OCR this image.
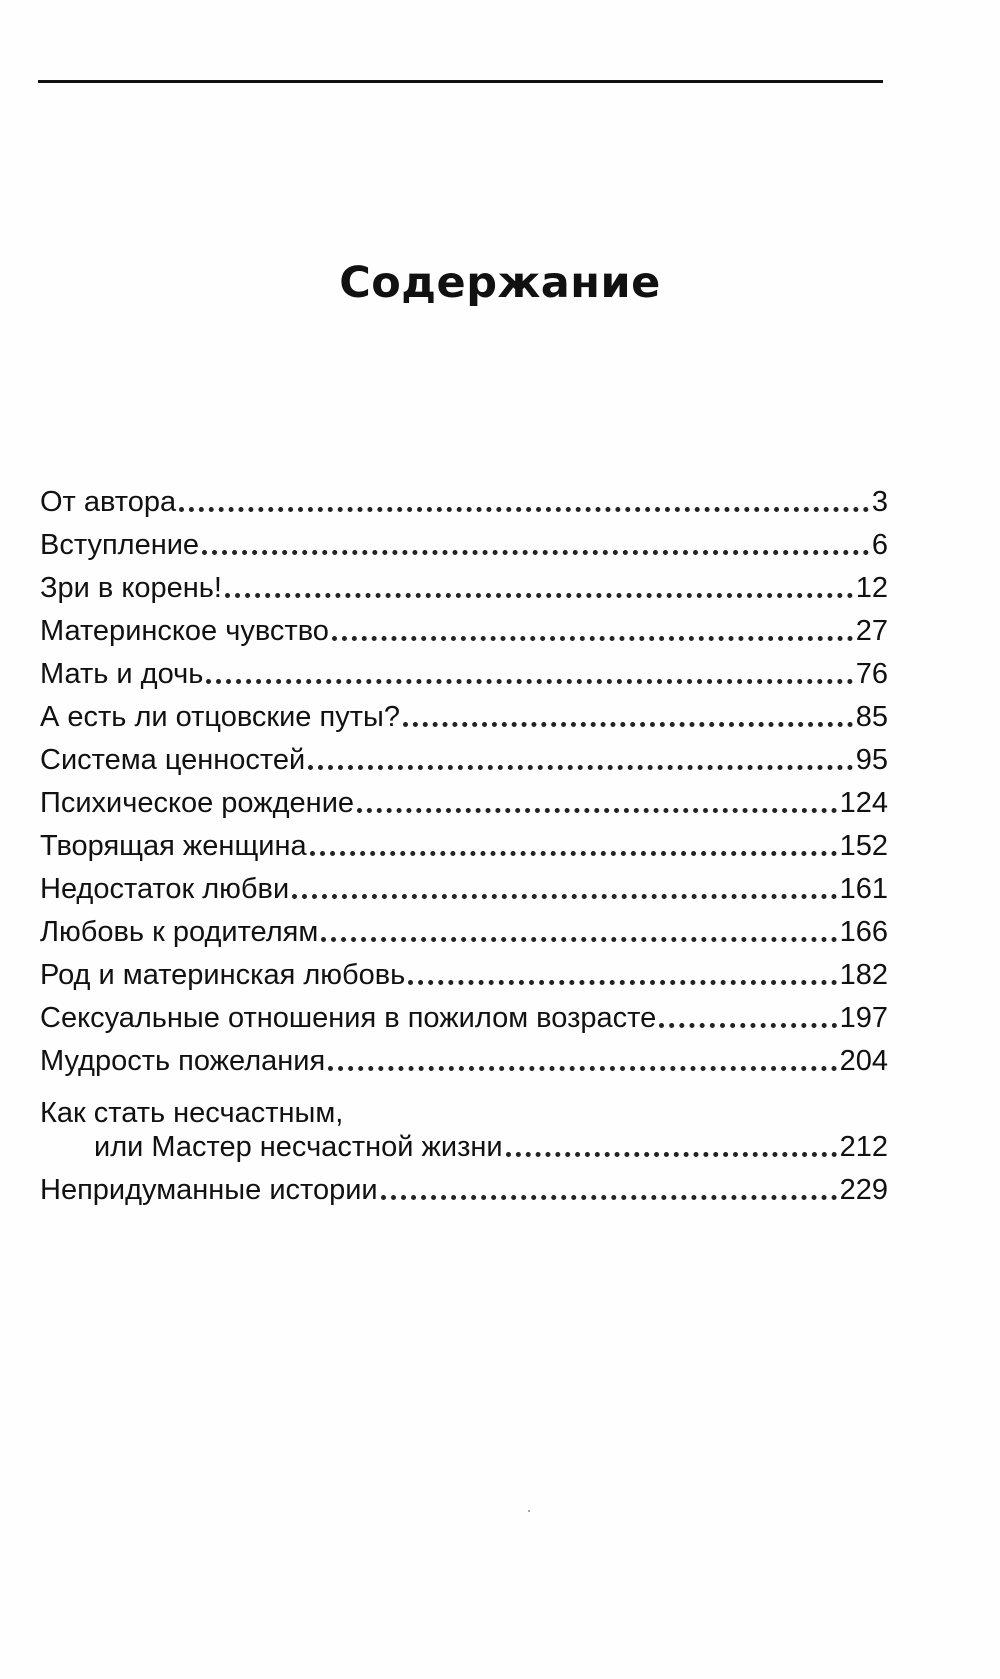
Содержание
От автора	3
Вступление	6
Зри в корень!	12
Материнское чувство	27
Мать и дочь	76
А есть ли отцовские путы?	85
Система ценностей	95
Психическое рождение	124
Творящая женщина	152
Недостаток любви	161
Любовь к родителям	166
Род и материнская любовь	182
Сексуальные отношения в пожилом возрасте	197
Мудрость пожелания	204
Как стать несчастным,
или Мастер несчастной жизни	212
Непридуманные истории	229
